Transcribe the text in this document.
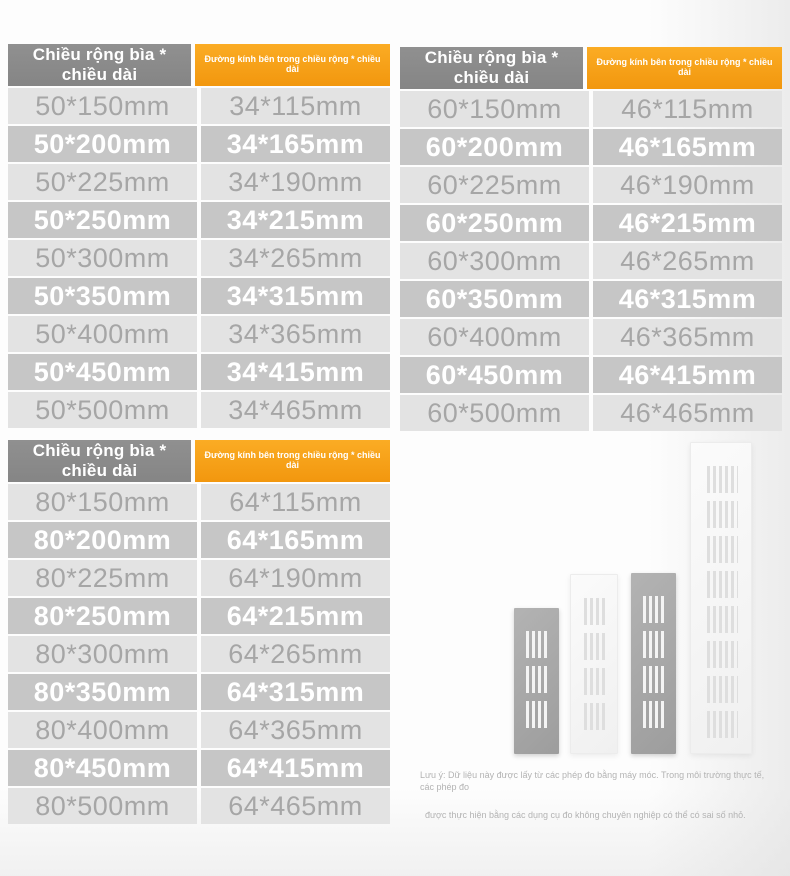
Chiều rộng bìa * chiều dài
Đường kính bên trong chiều rộng * chiều dài
50*150mm	34*115mm
50*200mm	34*165mm
50*225mm	34*190mm
50*250mm	34*215mm
50*300mm	34*265mm
50*350mm	34*315mm
50*400mm	34*365mm
50*450mm	34*415mm
50*500mm	34*465mm
Chiều rộng bìa * chiều dài
Đường kính bên trong chiều rộng * chiều dài
60*150mm	46*115mm
60*200mm	46*165mm
60*225mm	46*190mm
60*250mm	46*215mm
60*300mm	46*265mm
60*350mm	46*315mm
60*400mm	46*365mm
60*450mm	46*415mm
60*500mm	46*465mm
Chiều rộng bìa * chiều dài
Đường kính bên trong chiều rộng * chiều dài
80*150mm	64*115mm
80*200mm	64*165mm
80*225mm	64*190mm
80*250mm	64*215mm
80*300mm	64*265mm
80*350mm	64*315mm
80*400mm	64*365mm
80*450mm	64*415mm
80*500mm	64*465mm
Lưu ý: Dữ liệu này được lấy từ các phép đo bằng máy móc. Trong môi trường thực tế, các phép đo
được thực hiện bằng các dụng cụ đo không chuyên nghiệp có thể có sai số nhỏ.
